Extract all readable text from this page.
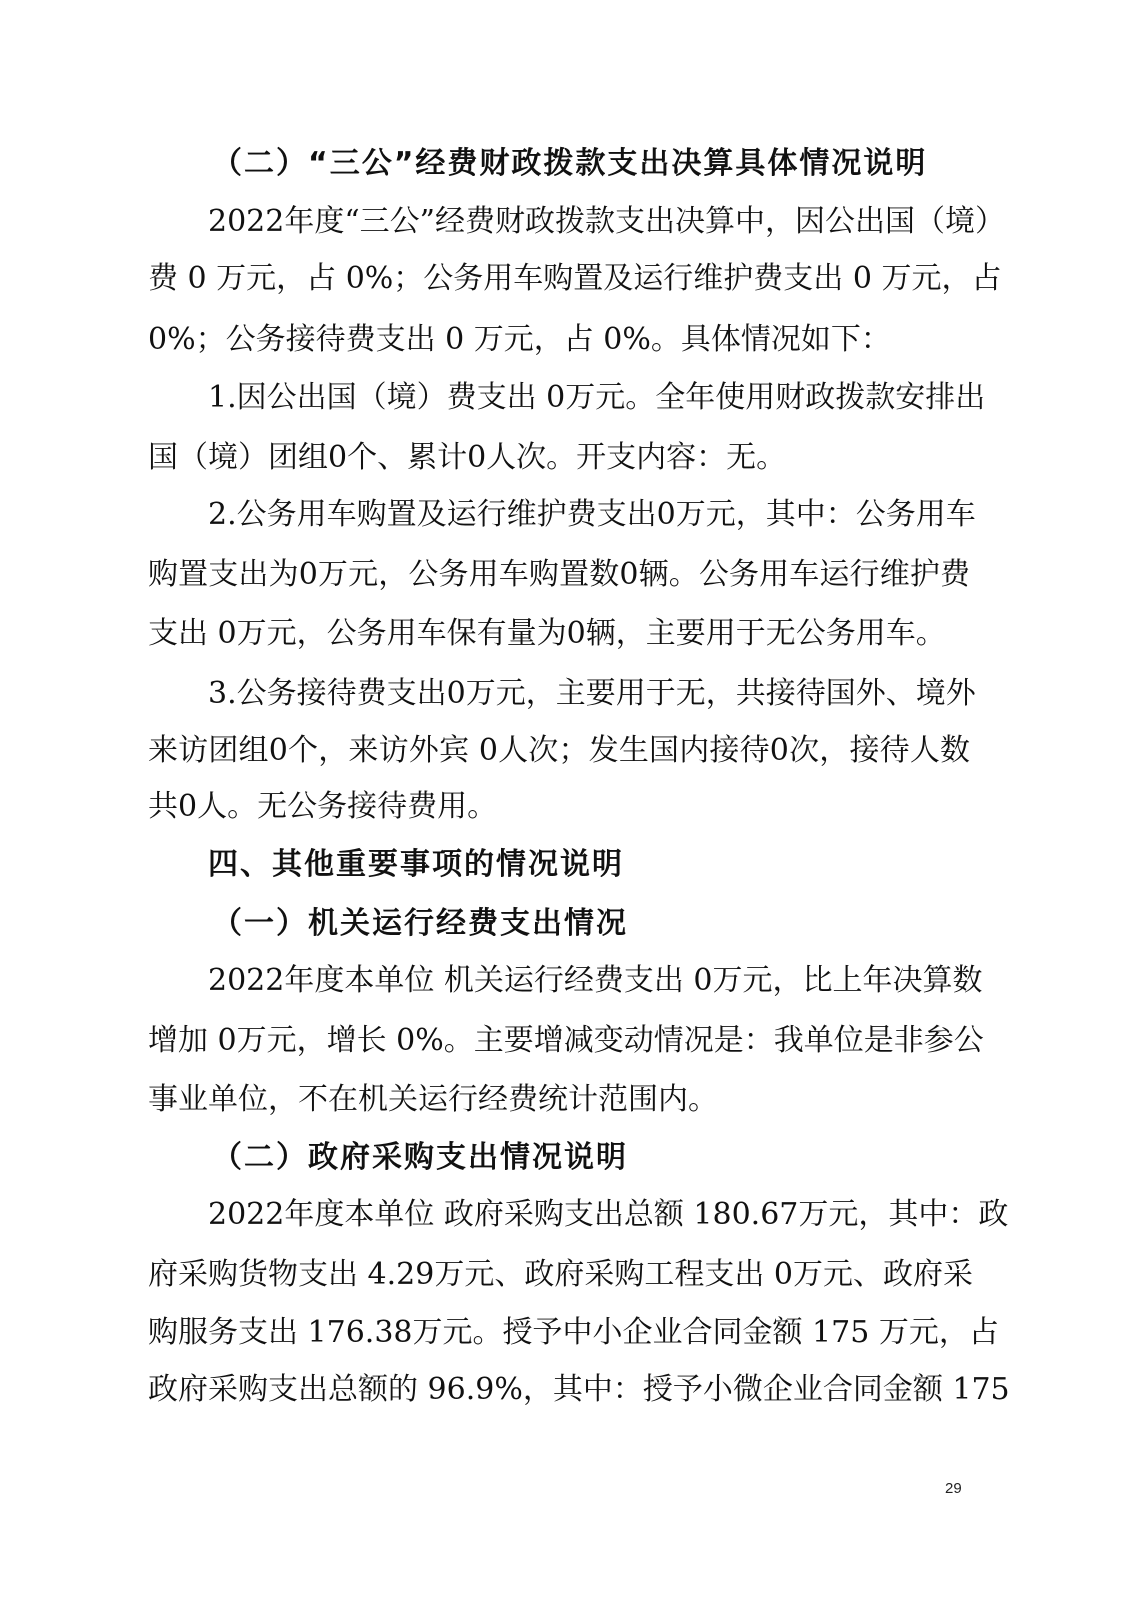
（二）“三公”经费财政拨款支出决算具体情况说明
2022年度“三公”经费财政拨款支出决算中，因公出国（境）
费 0 万元，占 0%；公务用车购置及运行维护费支出 0 万元，占
0%；公务接待费支出 0 万元，占 0%。具体情况如下：
1.因公出国（境）费支出 0万元。全年使用财政拨款安排出
国（境）团组0个、累计0人次。开支内容：无。
2.公务用车购置及运行维护费支出0万元，其中：公务用车
购置支出为0万元，公务用车购置数0辆。公务用车运行维护费
支出 0万元，公务用车保有量为0辆，主要用于无公务用车。
3.公务接待费支出0万元，主要用于无，共接待国外、境外
来访团组0个，来访外宾 0人次；发生国内接待0次，接待人数
共0人。无公务接待费用。
四、其他重要事项的情况说明
（一）机关运行经费支出情况
2022年度本单位 机关运行经费支出 0万元，比上年决算数
增加 0万元，增长 0%。主要增减变动情况是：我单位是非参公
事业单位，不在机关运行经费统计范围内。
（二）政府采购支出情况说明
2022年度本单位 政府采购支出总额 180.67万元，其中：政
府采购货物支出 4.29万元、政府采购工程支出 0万元、政府采
购服务支出 176.38万元。授予中小企业合同金额 175 万元，占
政府采购支出总额的 96.9%，其中：授予小微企业合同金额 175
29
